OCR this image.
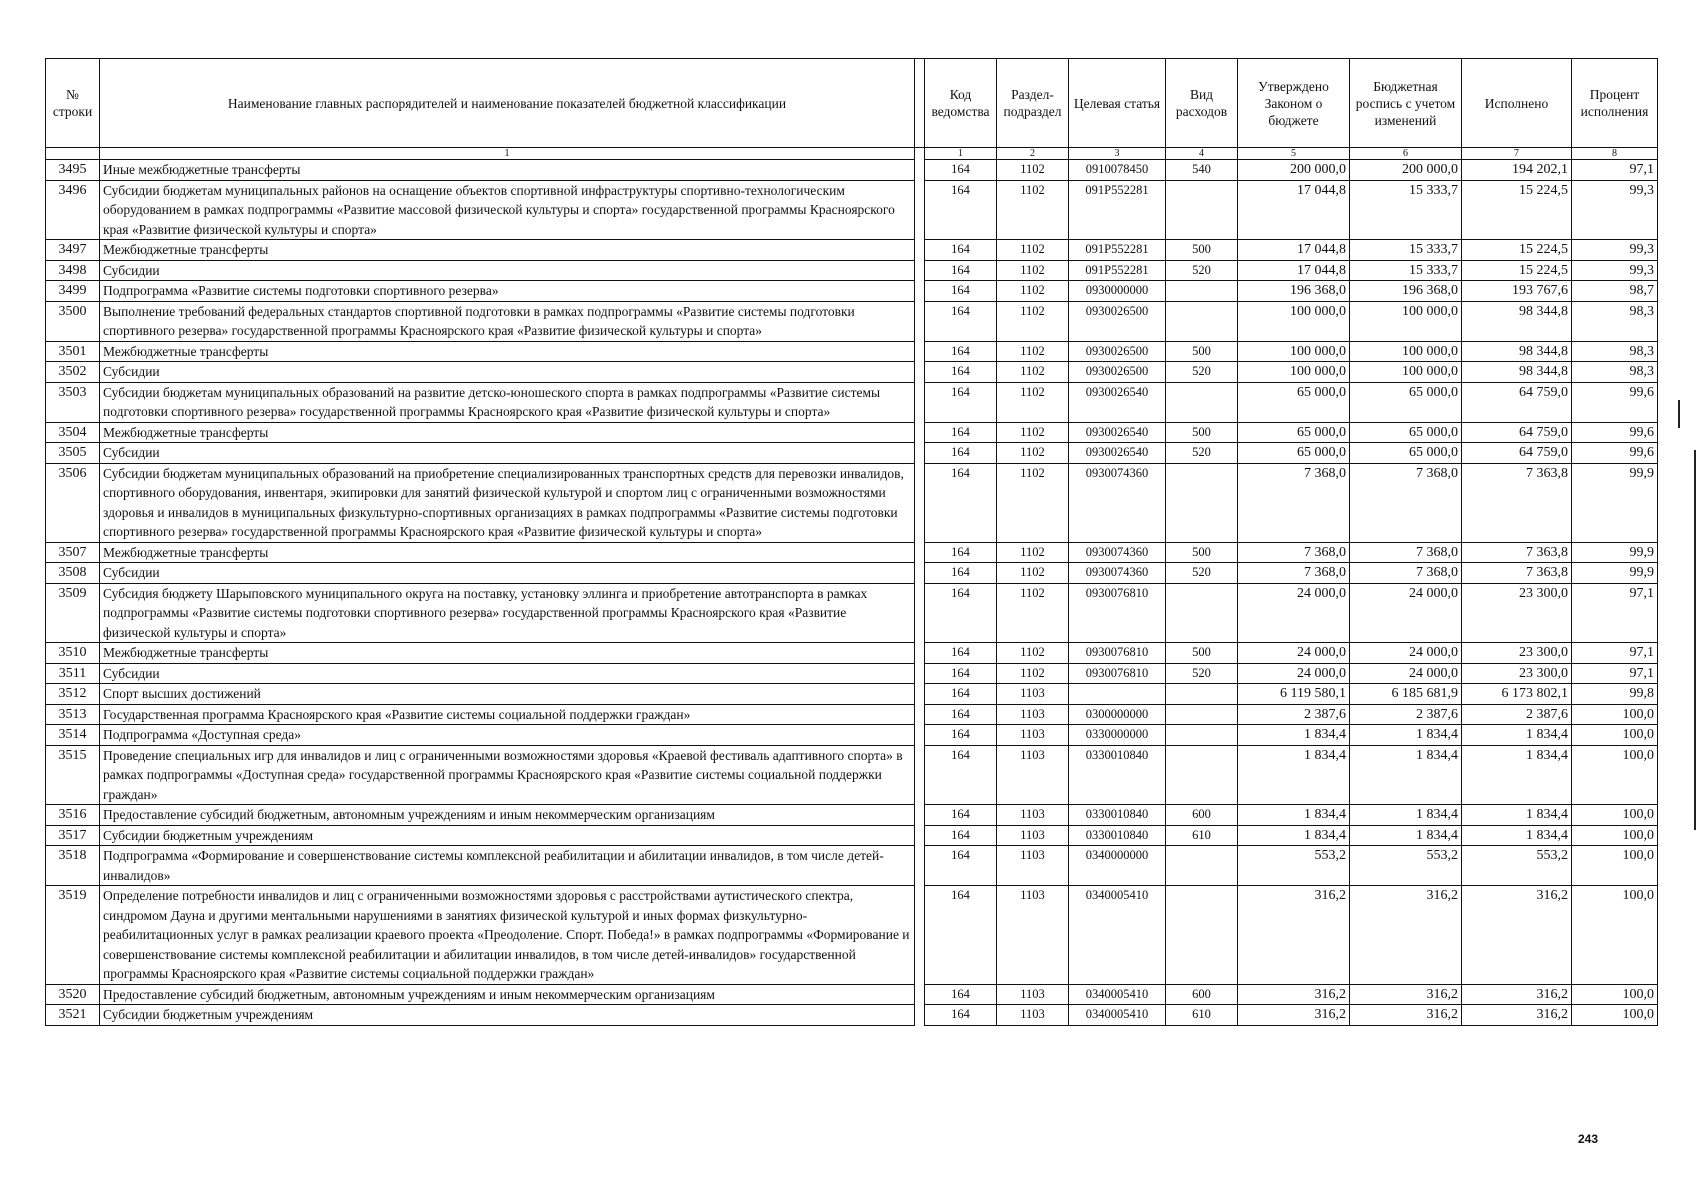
№ строки	Наименование главных распорядителей и наименование показателей бюджетной классификации		Код ведомства	Раздел-подраздел	Целевая статья	Вид расходов	Утверждено Законом о бюджете	Бюджетная роспись с учетом изменений	Исполнено	Процент исполнения
	1		1	2	3	4	5	6	7	8
3495	Иные межбюджетные трансферты		164	1102	0910078450	540	200 000,0	200 000,0	194 202,1	97,1
3496	Субсидии бюджетам муниципальных районов на оснащение объектов спортивной инфраструктуры спортивно-технологическим оборудованием в рамках подпрограммы «Развитие массовой физической культуры и спорта» государственной программы Красноярского края «Развитие физической культуры и спорта»		164	1102	091P552281		17 044,8	15 333,7	15 224,5	99,3
3497	Межбюджетные трансферты		164	1102	091P552281	500	17 044,8	15 333,7	15 224,5	99,3
3498	Субсидии		164	1102	091P552281	520	17 044,8	15 333,7	15 224,5	99,3
3499	Подпрограмма «Развитие системы подготовки спортивного резерва»		164	1102	0930000000		196 368,0	196 368,0	193 767,6	98,7
3500	Выполнение требований федеральных стандартов спортивной подготовки в рамках подпрограммы «Развитие системы подготовки спортивного резерва» государственной программы Красноярского края «Развитие физической культуры и спорта»		164	1102	0930026500		100 000,0	100 000,0	98 344,8	98,3
3501	Межбюджетные трансферты		164	1102	0930026500	500	100 000,0	100 000,0	98 344,8	98,3
3502	Субсидии		164	1102	0930026500	520	100 000,0	100 000,0	98 344,8	98,3
3503	Субсидии бюджетам муниципальных образований на развитие детско-юношеского спорта в рамках подпрограммы «Развитие системы подготовки спортивного резерва» государственной программы Красноярского края «Развитие физической культуры и спорта»		164	1102	0930026540		65 000,0	65 000,0	64 759,0	99,6
3504	Межбюджетные трансферты		164	1102	0930026540	500	65 000,0	65 000,0	64 759,0	99,6
3505	Субсидии		164	1102	0930026540	520	65 000,0	65 000,0	64 759,0	99,6
3506	Субсидии бюджетам муниципальных образований на приобретение специализированных транспортных средств для перевозки инвалидов, спортивного оборудования, инвентаря, экипировки для занятий физической культурой и спортом лиц с ограниченными возможностями здоровья и инвалидов в муниципальных физкультурно-спортивных организациях в рамках подпрограммы «Развитие системы подготовки спортивного резерва» государственной программы Красноярского края «Развитие физической культуры и спорта»		164	1102	0930074360		7 368,0	7 368,0	7 363,8	99,9
3507	Межбюджетные трансферты		164	1102	0930074360	500	7 368,0	7 368,0	7 363,8	99,9
3508	Субсидии		164	1102	0930074360	520	7 368,0	7 368,0	7 363,8	99,9
3509	Субсидия бюджету Шарыповского муниципального округа на поставку, установку эллинга и приобретение автотранспорта в рамках подпрограммы «Развитие системы подготовки спортивного резерва» государственной программы Красноярского края «Развитие физической культуры и спорта»		164	1102	0930076810		24 000,0	24 000,0	23 300,0	97,1
3510	Межбюджетные трансферты		164	1102	0930076810	500	24 000,0	24 000,0	23 300,0	97,1
3511	Субсидии		164	1102	0930076810	520	24 000,0	24 000,0	23 300,0	97,1
3512	Спорт высших достижений		164	1103			6 119 580,1	6 185 681,9	6 173 802,1	99,8
3513	Государственная программа Красноярского края «Развитие системы социальной поддержки граждан»		164	1103	0300000000		2 387,6	2 387,6	2 387,6	100,0
3514	Подпрограмма «Доступная среда»		164	1103	0330000000		1 834,4	1 834,4	1 834,4	100,0
3515	Проведение специальных игр для инвалидов и лиц с ограниченными возможностями здоровья «Краевой фестиваль адаптивного спорта» в рамках подпрограммы «Доступная среда» государственной программы Красноярского края «Развитие системы социальной поддержки граждан»		164	1103	0330010840		1 834,4	1 834,4	1 834,4	100,0
3516	Предоставление субсидий бюджетным, автономным учреждениям и иным некоммерческим организациям		164	1103	0330010840	600	1 834,4	1 834,4	1 834,4	100,0
3517	Субсидии бюджетным учреждениям		164	1103	0330010840	610	1 834,4	1 834,4	1 834,4	100,0
3518	Подпрограмма «Формирование и совершенствование системы комплексной реабилитации и абилитации инвалидов, в том числе детей-инвалидов»		164	1103	0340000000		553,2	553,2	553,2	100,0
3519	Определение потребности инвалидов и лиц с ограниченными возможностями здоровья с расстройствами аутистического спектра, синдромом Дауна и другими ментальными нарушениями в занятиях физической культурой и иных формах физкультурно-реабилитационных услуг в рамках реализации краевого проекта «Преодоление. Спорт. Победа!» в рамках подпрограммы «Формирование и совершенствование системы комплексной реабилитации и абилитации инвалидов, в том числе детей-инвалидов» государственной программы Красноярского края «Развитие системы социальной поддержки граждан»		164	1103	0340005410		316,2	316,2	316,2	100,0
3520	Предоставление субсидий бюджетным, автономным учреждениям и иным некоммерческим организациям		164	1103	0340005410	600	316,2	316,2	316,2	100,0
3521	Субсидии бюджетным учреждениям		164	1103	0340005410	610	316,2	316,2	316,2	100,0
243
